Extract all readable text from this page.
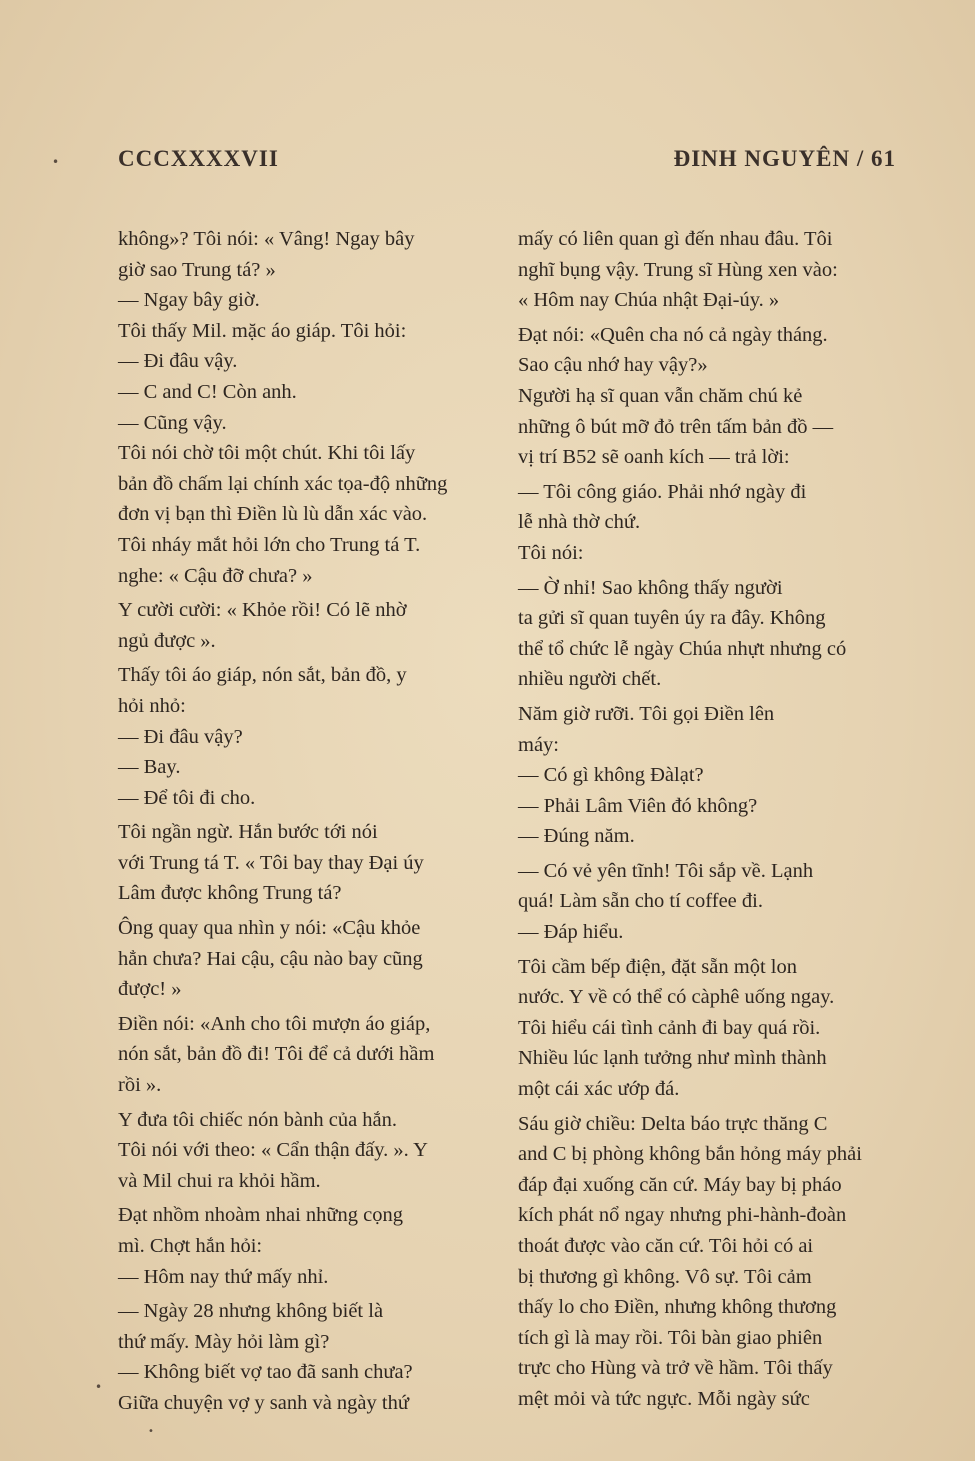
CCCXXXXVII	ĐINH NGUYÊN / 61

không»? Tôi nói: « Vâng! Ngay bây
giờ sao Trung tá? »

— Ngay bây giờ.

Tôi thấy Mil. mặc áo giáp. Tôi hỏi:

— Đi đâu vậy.

— C and C! Còn anh.

— Cũng vậy.

Tôi nói chờ tôi một chút. Khi tôi lấy
bản đồ chấm lại chính xác tọa-độ những
đơn vị bạn thì Điền lù lù dẫn xác vào.
Tôi nháy mắt hỏi lớn cho Trung tá T.
nghe: « Cậu đỡ chưa? »

Y cười cười: « Khỏe rồi! Có lẽ nhờ
ngủ được ».

Thấy tôi áo giáp, nón sắt, bản đồ, y
hỏi nhỏ:

— Đi đâu vậy?

— Bay.

— Để tôi đi cho.

Tôi ngần ngừ. Hắn bước tới nói
với Trung tá T. « Tôi bay thay Đại úy
Lâm được không Trung tá?

Ông quay qua nhìn y nói: «Cậu khỏe
hẳn chưa? Hai cậu, cậu nào bay cũng
được! »

Điền nói: «Anh cho tôi mượn áo giáp,
nón sắt, bản đồ đi! Tôi để cả dưới hầm
rồi ».

Y đưa tôi chiếc nón bành của hắn.
Tôi nói với theo: « Cẩn thận đấy. ». Y
và Mil chui ra khỏi hầm.

Đạt nhồm nhoàm nhai những cọng
mì. Chợt hắn hỏi:

— Hôm nay thứ mấy nhỉ.

— Ngày 28 nhưng không biết là
thứ mấy. Mày hỏi làm gì?

— Không biết vợ tao đã sanh chưa?
Giữa chuyện vợ y sanh và ngày thứ

mấy có liên quan gì đến nhau đâu. Tôi
nghĩ bụng vậy. Trung sĩ Hùng xen vào:
« Hôm nay Chúa nhật Đại-úy. »

Đạt nói: «Quên cha nó cả ngày tháng.
Sao cậu nhớ hay vậy?»

Người hạ sĩ quan vẫn chăm chú kẻ
những ô bút mỡ đỏ trên tấm bản đồ —
vị trí B52 sẽ oanh kích — trả lời:

— Tôi công giáo. Phải nhớ ngày đi
lễ nhà thờ chứ.

Tôi nói:

— Ờ nhỉ! Sao không thấy người
ta gửi sĩ quan tuyên úy ra đây. Không
thể tổ chức lễ ngày Chúa nhựt nhưng có
nhiều người chết.

Năm giờ rưỡi. Tôi gọi Điền lên
máy:

— Có gì không Đàlạt?

— Phải Lâm Viên đó không?

— Đúng năm.

— Có vẻ yên tĩnh! Tôi sắp về. Lạnh
quá! Làm sẵn cho tí coffee đi.

— Đáp hiểu.

Tôi cầm bếp điện, đặt sẵn một lon
nước. Y về có thể có càphê uống ngay.
Tôi hiểu cái tình cảnh đi bay quá rồi.
Nhiều lúc lạnh tưởng như mình thành
một cái xác ướp đá.

Sáu giờ chiều: Delta báo trực thăng C
and C bị phòng không bắn hỏng máy phải
đáp đại xuống căn cứ. Máy bay bị pháo
kích phát nổ ngay nhưng phi-hành-đoàn
thoát được vào căn cứ. Tôi hỏi có ai
bị thương gì không. Vô sự. Tôi cảm
thấy lo cho Điền, nhưng không thương
tích gì là may rồi. Tôi bàn giao phiên
trực cho Hùng và trở về hầm. Tôi thấy
mệt mỏi và tức ngực. Mỗi ngày sức

•
•
•
